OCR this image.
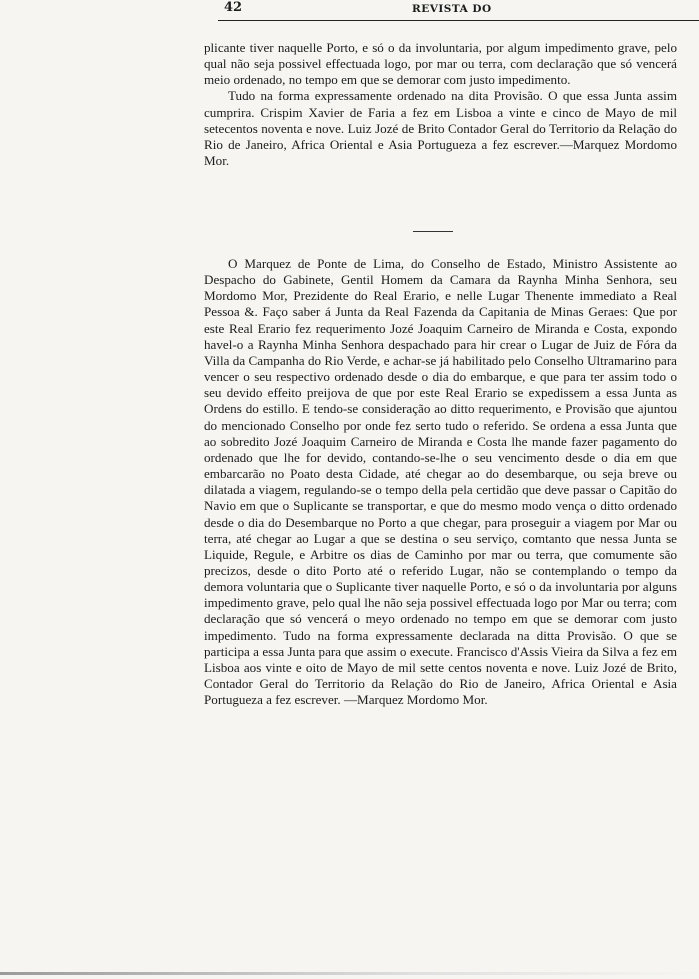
42	REVISTA DO

plicante tiver naquelle Porto, e só o da involuntaria, por algum impedimento grave, pelo qual não seja possivel effectuada logo, por mar ou terra, com declaração que só vencerá meio ordenado, no tempo em que se demorar com justo impedimento.

Tudo na forma expressamente ordenado na dita Provisão. O que essa Junta assim cumprira. Crispim Xavier de Faria a fez em Lisboa a vinte e cinco de Mayo de mil setecentos noventa e nove. Luiz Jozé de Brito Contador Geral do Territorio da Relação do Rio de Janeiro, Africa Oriental e Asia Portugueza a fez escrever.—Marquez Mordomo Mor.

O Marquez de Ponte de Lima, do Conselho de Estado, Ministro Assistente ao Despacho do Gabinete, Gentil Homem da Camara da Raynha Minha Senhora, seu Mordomo Mor, Prezidente do Real Erario, e nelle Lugar Thenente immediato a Real Pessoa &. Faço saber á Junta da Real Fazenda da Capitania de Minas Geraes: Que por este Real Erario fez requerimento Jozé Joaquim Carneiro de Miranda e Costa, expondo havel-o a Raynha Minha Senhora despachado para hir crear o Lugar de Juiz de Fóra da Villa da Campanha do Rio Verde, e achar-se já habilitado pelo Conselho Ultramarino para vencer o seu respectivo ordenado desde o dia do embarque, e que para ter assim todo o seu devido effeito preijova de que por este Real Erario se expedissem a essa Junta as Ordens do estillo. E tendo-se consideração ao ditto requerimento, e Provisão que ajuntou do mencionado Conselho por onde fez serto tudo o referido. Se ordena a essa Junta que ao sobredito Jozé Joaquim Carneiro de Miranda e Costa lhe mande fazer pagamento do ordenado que lhe for devido, contando-se-lhe o seu vencimento desde o dia em que embarcarão no Poato desta Cidade, até chegar ao do desembarque, ou seja breve ou dilatada a viagem, regulando-se o tempo della pela certidão que deve passar o Capitão do Navio em que o Suplicante se transportar, e que do mesmo modo vença o ditto ordenado desde o dia do Desembarque no Porto a que chegar, para proseguir a viagem por Mar ou terra, até chegar ao Lugar a que se destina o seu serviço, comtanto que nessa Junta se Liquide, Regule, e Arbitre os dias de Caminho por mar ou terra, que comumente são precizos, desde o dito Porto até o referido Lugar, não se contemplando o tempo da demora voluntaria que o Suplicante tiver naquelle Porto, e só o da involuntaria por alguns impedimento grave, pelo qual lhe não seja possivel effectuada logo por Mar ou terra; com declaração que só vencerá o meyo ordenado no tempo em que se demorar com justo impedimento. Tudo na forma expressamente declarada na ditta Provisão. O que se participa a essa Junta para que assim o execute. Francisco d'Assis Vieira da Silva a fez em Lisboa aos vinte e oito de Mayo de mil sette centos noventa e nove. Luiz Jozé de Brito, Contador Geral do Territorio da Relação do Rio de Janeiro, Africa Oriental e Asia Portugueza a fez escrever. —Marquez Mordomo Mor.
